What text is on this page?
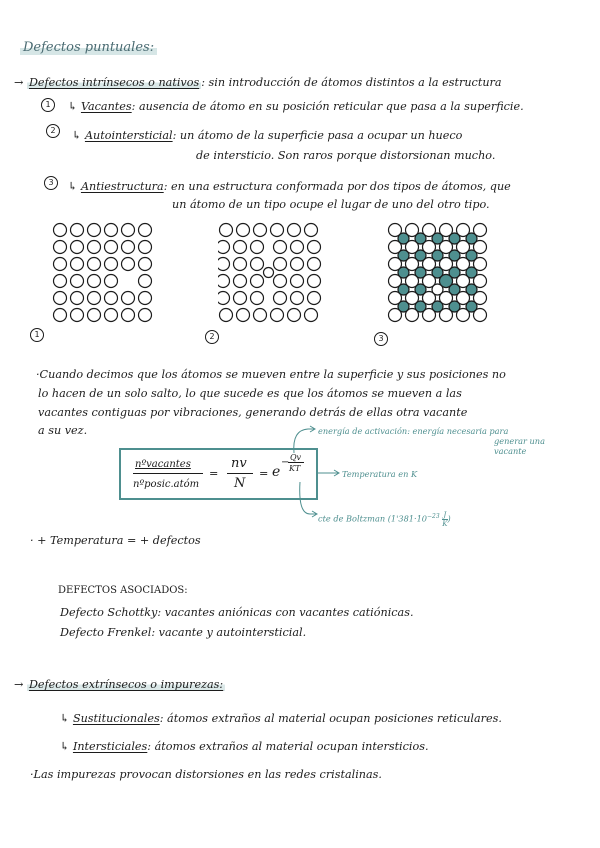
Defectos puntuales:
→ Defectos intrínsecos o nativos : sin introducción de átomos distintos a la estructura
1	↳ Vacantes: ausencia de átomo en su posición reticular que pasa a la superficie.
2	↳ Autointersticial: un átomo de la superficie pasa a ocupar un hueco
de intersticio. Son raros porque distorsionan mucho.
3	↳ Antiestructura: en una estructura conformada por dos tipos de átomos, que
un átomo de un tipo ocupe el lugar de uno del otro tipo.
1	2	3
·Cuando decimos que los átomos se mueven entre la superficie y sus posiciones no
lo hacen de un solo salto, lo que sucede es que los átomos se mueven a las
vacantes contiguas por vibraciones, generando detrás de ellas otra vacante
a su vez.
nºvacantes
nºposic.atóm
=
nv
N
= e
− Qv
KT
energía de activación: energía necesaria para
generar una
vacante
Temperatura en K
cte de Boltzman ($1'381\cdot 10^{-23} \frac{J}{K}$ )
· + Temperatura = + defectos
DEFECTOS ASOCIADOS:
Defecto Schottky: vacantes aniónicas con vacantes catiónicas.
Defecto Frenkel: vacante y autointersticial.
→ Defectos extrínsecos o impurezas:
↳ Sustitucionales: átomos extraños al material ocupan posiciones reticulares.
↳ Intersticiales: átomos extraños al material ocupan intersticios.
·Las impurezas provocan distorsiones en las redes cristalinas.
